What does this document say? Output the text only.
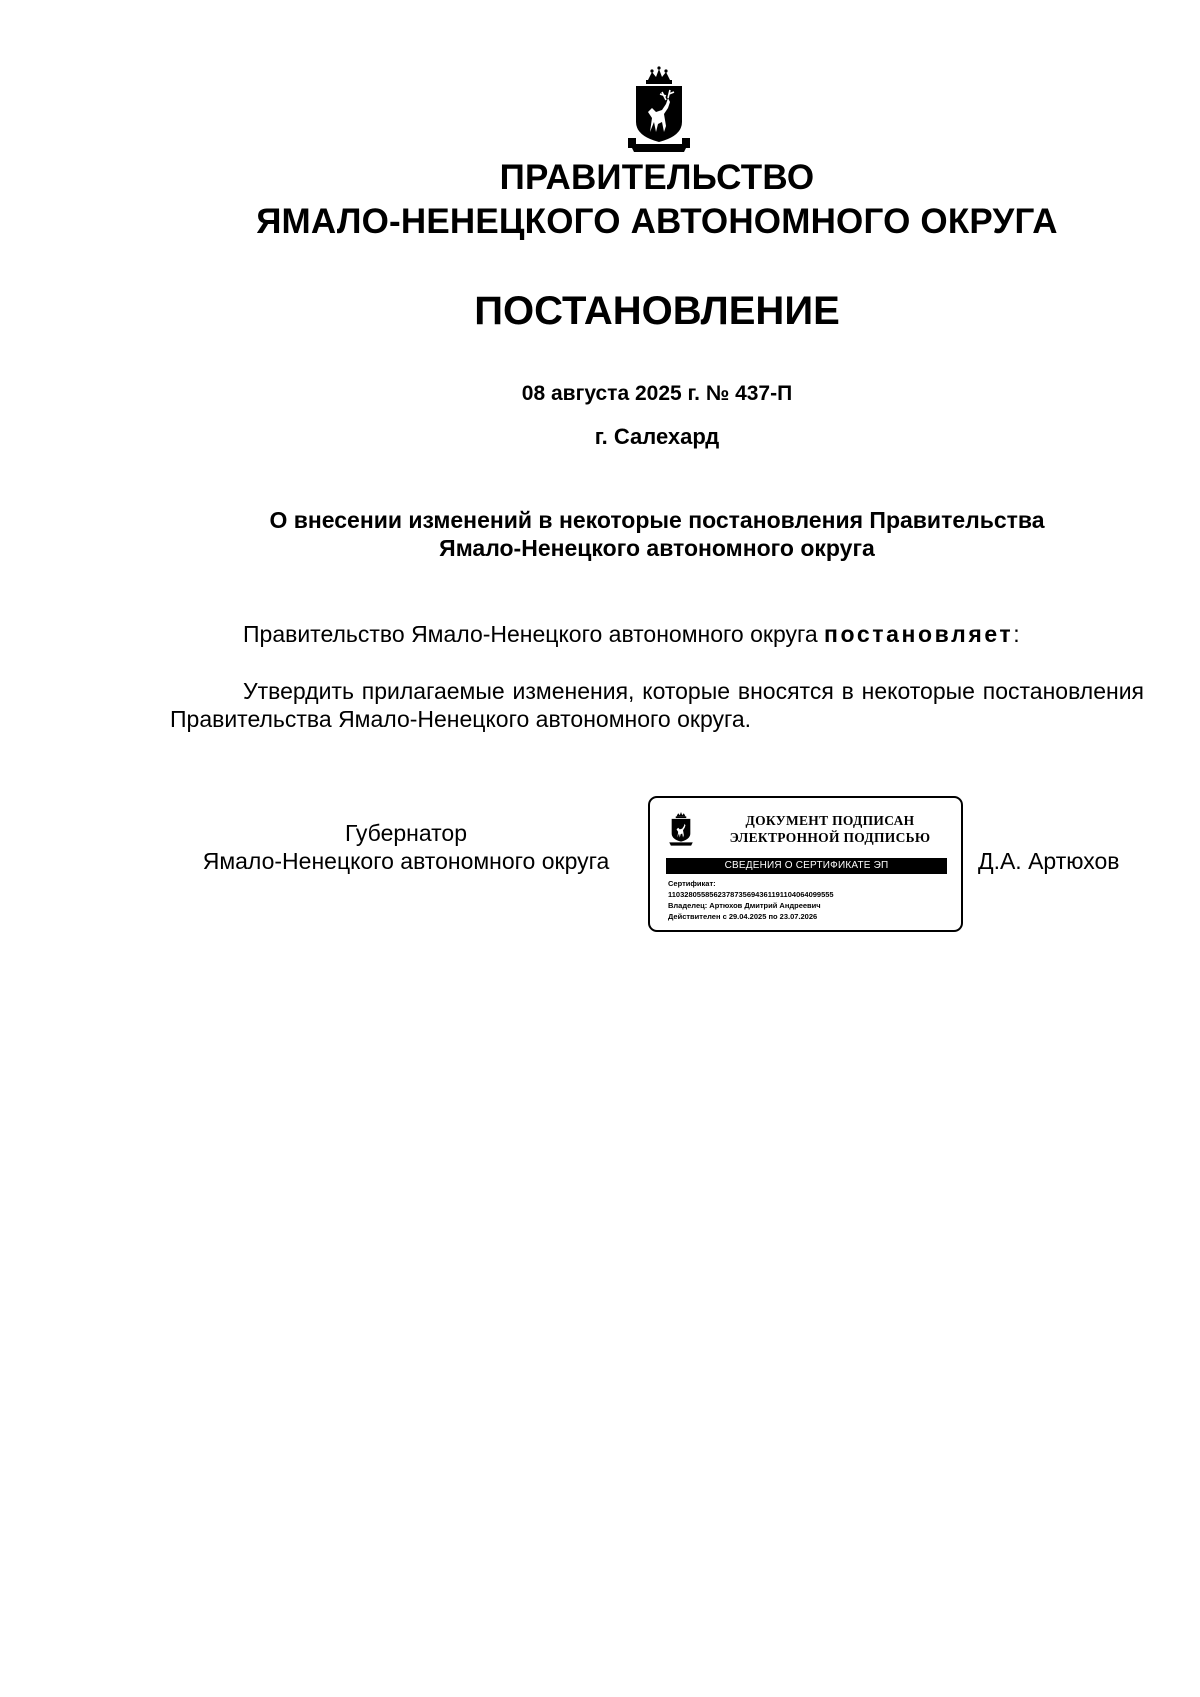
ПРАВИТЕЛЬСТВО
ЯМАЛО-НЕНЕЦКОГО АВТОНОМНОГО ОКРУГА
ПОСТАНОВЛЕНИЕ
08 августа 2025 г. № 437-П
г. Салехард
О внесении изменений в некоторые постановления Правительства
Ямало-Ненецкого автономного округа
Правительство Ямало-Ненецкого автономного округа постановляет:
Утвердить прилагаемые изменения, которые вносятся в некоторые постановления Правительства Ямало-Ненецкого автономного округа.
Губернатор
Ямало-Ненецкого автономного округа
ДОКУМЕНТ ПОДПИСАН
ЭЛЕКТРОННОЙ ПОДПИСЬЮ
СВЕДЕНИЯ О СЕРТИФИКАТЕ ЭП
Сертификат:
1103280558562378735694361191104064099555
Владелец: Артюхов Дмитрий Андреевич
Действителен с 29.04.2025 по 23.07.2026
Д.А. Артюхов
